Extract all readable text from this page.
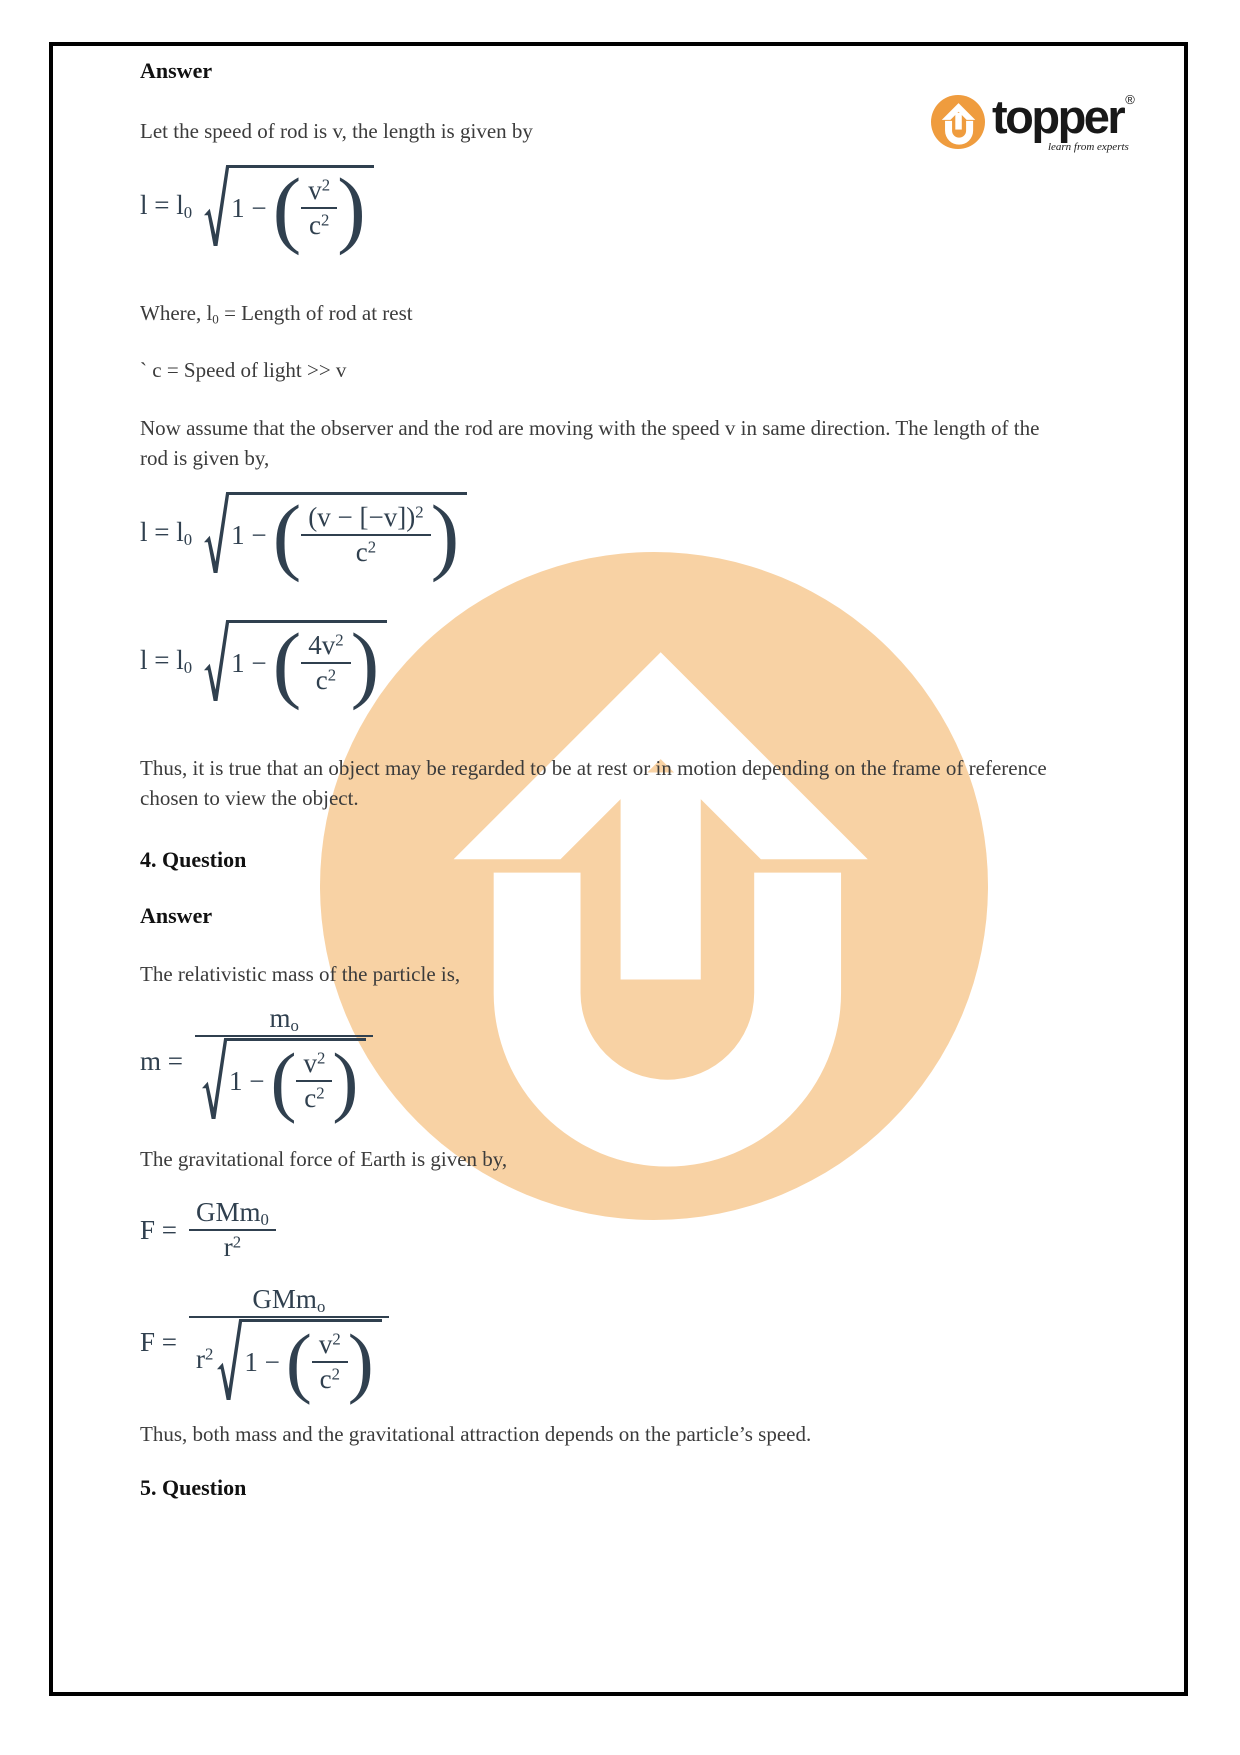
topper ®
learn from experts
Answer
Let the speed of rod is v, the length is given by
$l = l_0$ 1 − ( $\frac{v^2}{c^2}$ )
Where, $l_0$ = Length of rod at rest
` c = Speed of light >> v
Now assume that the observer and the rod are moving with the speed v in same direction. The length of the rod is given by,
$l = l_0$ 1 − ( $\frac{(v - [-v])^2}{c^2}$ )
$l = l_0$ 1 − ( $\frac{4v^2}{c^2}$ )
Thus, it is true that an object may be regarded to be at rest or in motion depending on the frame of reference chosen to view the object.
4. Question
Answer
The relativistic mass of the particle is,
m =
$m_o$
1 − ( $\frac{v^2}{c^2}$ )
The gravitational force of Earth is given by,
$F = \frac{GMm_0}{r^2}$
F =
GMm$_o$
$r^2$ 1 − ( $\frac{v^2}{c^2}$ )
Thus, both mass and the gravitational attraction depends on the particle’s speed.
5. Question
